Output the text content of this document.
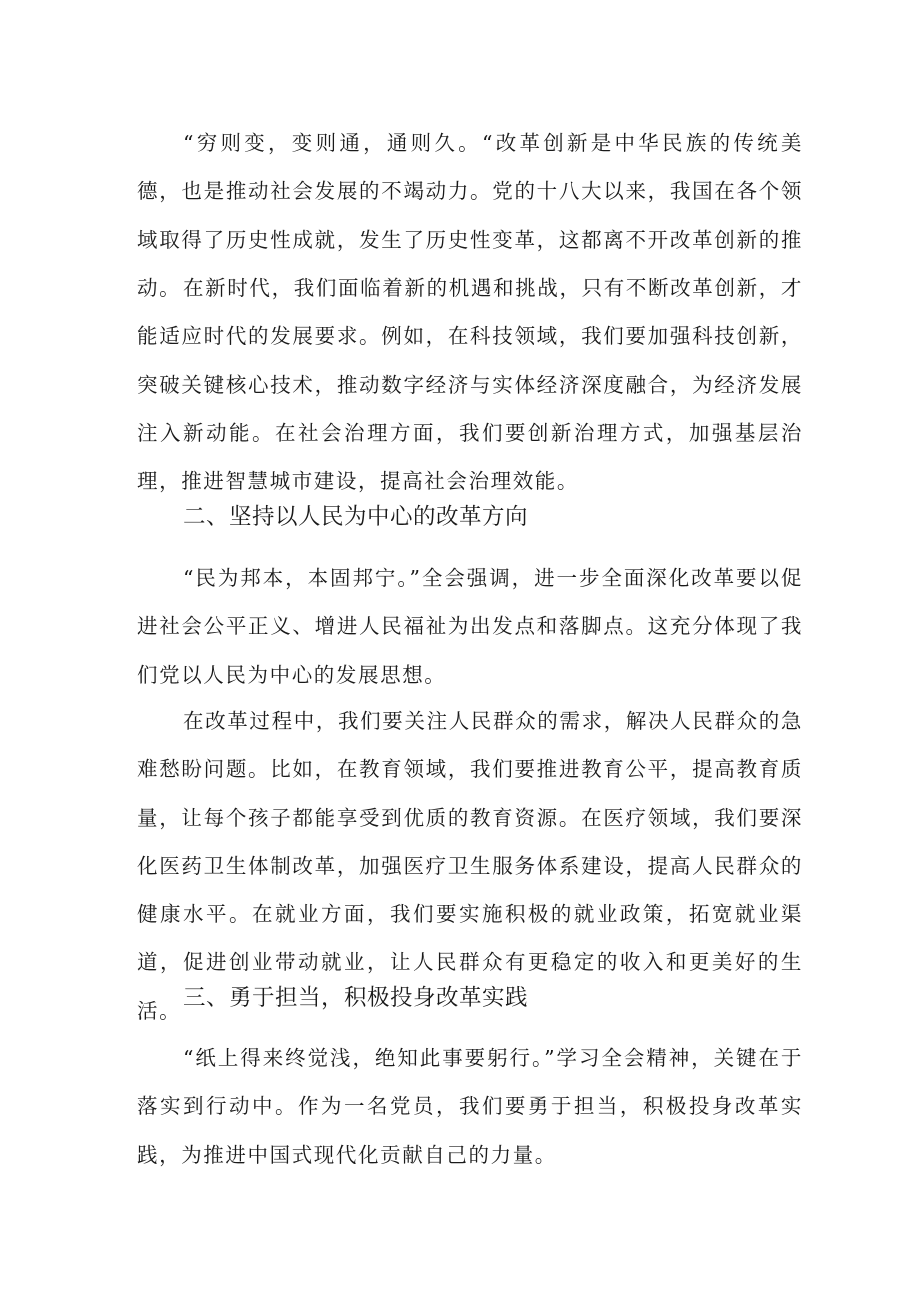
“穷则变，变则通，通则久。“改革创新是中华民族的传统美德，也是推动社会发展的不竭动力。党的十八大以来，我国在各个领域取得了历史性成就，发生了历史性变革，这都离不开改革创新的推动。 在新时代，我们面临着新的机遇和挑战，只有不断改革创新，才能适应时代的发展要求。例如，在科技领域，我们要加强科技创新，突破关键核心技术，推动数字经济与实体经济深度融合，为经济发展注入新动能。在社会治理方面，我们要创新治理方式，加强基层治理，推进智慧城市建设，提高社会治理效能。

二、坚持以人民为中心的改革方向

“民为邦本，本固邦宁。”全会强调，进一步全面深化改革要以促进社会公平正义、增进人民福祉为出发点和落脚点。这充分体现了我们党以人民为中心的发展思想。

在改革过程中，我们要关注人民群众的需求，解决人民群众的急难愁盼问题。比如，在教育领域，我们要推进教育公平，提高教育质量，让每个孩子都能享受到优质的教育资源。在医疗领域，我们要深化医药卫生体制改革，加强医疗卫生服务体系建设，提高人民群众的健康水平。在就业方面，我们要实施积极的就业政策，拓宽就业渠道，促进创业带动就业，让人民群众有更稳定的收入和更美好的生活。 三、勇于担当，积极投身改革实践

“纸上得来终觉浅，绝知此事要躬行。”学习全会精神，关键在于落实到行动中。作为一名党员，我们要勇于担当，积极投身改革实践，为推进中国式现代化贡献自己的力量。
